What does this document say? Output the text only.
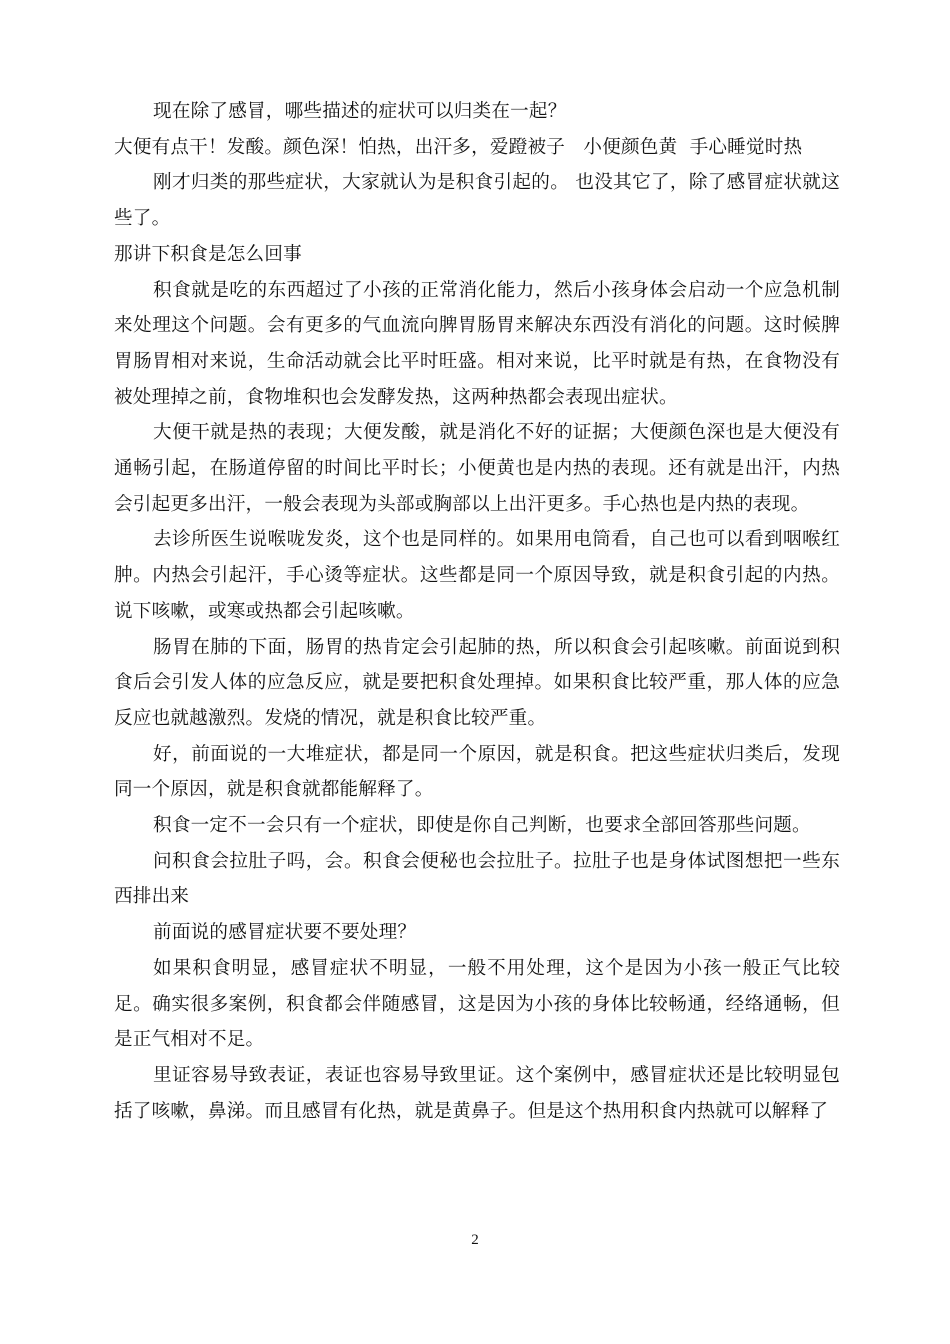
现在除了感冒，哪些描述的症状可以归类在一起？

大便有点干！发酸。颜色深！怕热，出汗多，爱蹬被子   小便颜色黄  手心睡觉时热

刚才归类的那些症状，大家就认为是积食引起的。 也没其它了，除了感冒症状就这些了。

那讲下积食是怎么回事

积食就是吃的东西超过了小孩的正常消化能力，然后小孩身体会启动一个应急机制来处理这个问题。会有更多的气血流向脾胃肠胃来解决东西没有消化的问题。这时候脾胃肠胃相对来说，生命活动就会比平时旺盛。相对来说，比平时就是有热，在食物没有被处理掉之前，食物堆积也会发酵发热，这两种热都会表现出症状。

大便干就是热的表现；大便发酸，就是消化不好的证据；大便颜色深也是大便没有通畅引起，在肠道停留的时间比平时长；小便黄也是内热的表现。还有就是出汗，内热会引起更多出汗，一般会表现为头部或胸部以上出汗更多。手心热也是内热的表现。

去诊所医生说喉咙发炎，这个也是同样的。如果用电筒看，自己也可以看到咽喉红肿。内热会引起汗，手心烫等症状。这些都是同一个原因导致，就是积食引起的内热。说下咳嗽，或寒或热都会引起咳嗽。

肠胃在肺的下面，肠胃的热肯定会引起肺的热，所以积食会引起咳嗽。前面说到积食后会引发人体的应急反应，就是要把积食处理掉。如果积食比较严重，那人体的应急反应也就越激烈。发烧的情况，就是积食比较严重。

好，前面说的一大堆症状，都是同一个原因，就是积食。把这些症状归类后，发现同一个原因，就是积食就都能解释了。

积食一定不一会只有一个症状，即使是你自己判断，也要求全部回答那些问题。

问积食会拉肚子吗，会。积食会便秘也会拉肚子。拉肚子也是身体试图想把一些东西排出来

前面说的感冒症状要不要处理？

如果积食明显，感冒症状不明显，一般不用处理，这个是因为小孩一般正气比较足。确实很多案例，积食都会伴随感冒，这是因为小孩的身体比较畅通，经络通畅，但是正气相对不足。

里证容易导致表证，表证也容易导致里证。这个案例中，感冒症状还是比较明显包括了咳嗽，鼻涕。而且感冒有化热，就是黄鼻子。但是这个热用积食内热就可以解释了

2
